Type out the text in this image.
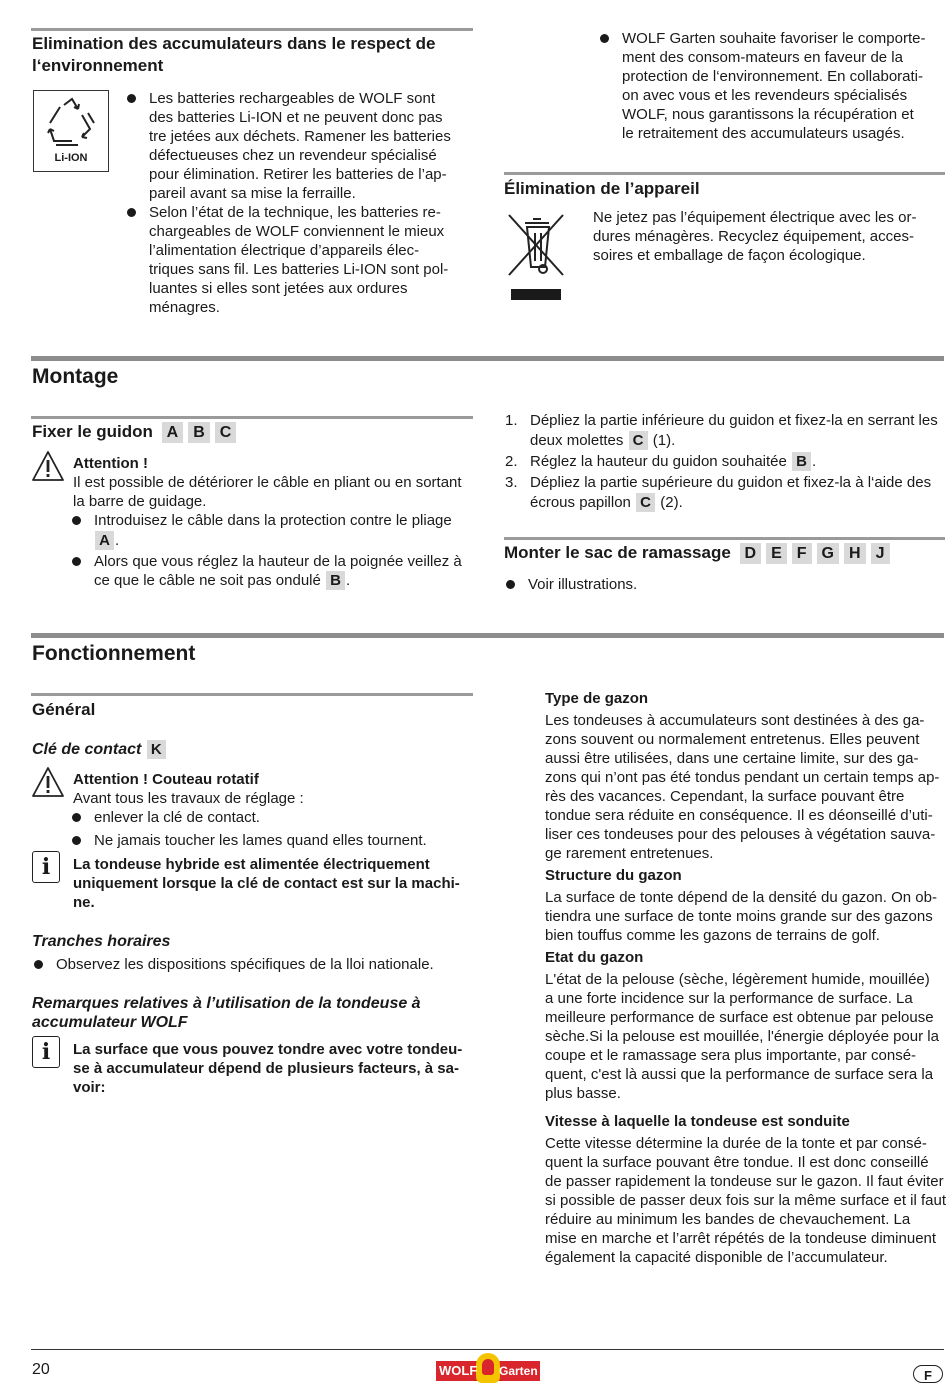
Elimination des accumulateurs dans le respect de
l‘environnement
Li-ION
Les batteries rechargeables de WOLF sont
des batteries Li-ION et ne peuvent donc pas
tre jetées aux déchets. Ramener les batteries
défectueuses chez un revendeur spécialisé
pour élimination. Retirer les batteries de l’ap-
pareil avant sa mise la ferraille.
Selon l’état de la technique, les batteries re-
chargeables de WOLF conviennent le mieux
l’alimentation électrique d’appareils élec-
triques sans fil. Les batteries Li-ION sont pol-
luantes si elles sont jetées aux ordures
ménagres.
WOLF Garten souhaite favoriser le comporte-
ment des consom-mateurs en faveur de la
protection de l‘environnement. En collaborati-
on avec vous et les revendeurs spécialisés
WOLF, nous garantissons la récupération et
le retraitement des accumulateurs usagés.
Élimination de l’appareil
Ne jetez pas l’équipement électrique avec les or-
dures ménagères. Recyclez équipement, acces-
soires et emballage de façon écologique.
Montage
Fixer le guidon A B C
Attention !
Il est possible de détériorer le câble en pliant ou en sortant
la barre de guidage.
Introduisez le câble dans la protection contre le pliage
A .
Alors que vous réglez la hauteur de la poignée veillez à
ce que le câble ne soit pas ondulé B .
1. Dépliez la partie inférieure du guidon et fixez-la en serrant les
deux molettes C (1).
2. Réglez la hauteur du guidon souhaitée B .
3. Dépliez la partie supérieure du guidon et fixez-la à l‘aide des
écrous papillon C (2).
Monter le sac de ramassage D E F G H J
Voir illustrations.
Fonctionnement
Général
Clé de contact K
Attention ! Couteau rotatif
Avant tous les travaux de réglage :
enlever la clé de contact.
Ne jamais toucher les lames quand elles tournent.
i	La tondeuse hybride est alimentée électriquement
uniquement lorsque la clé de contact est sur la machi-
ne.
Tranches horaires
Observez les dispositions spécifiques de la lloi nationale.
Remarques relatives à l’utilisation de la tondeuse à
accumulateur WOLF
i	La surface que vous pouvez tondre avec votre tondeu-
se à accumulateur dépend de plusieurs facteurs, à sa-
voir:
Type de gazon
Les tondeuses à accumulateurs sont destinées à des ga-
zons souvent ou normalement entretenus. Elles peuvent
aussi être utilisées, dans une certaine limite, sur des ga-
zons qui n’ont pas été tondus pendant un certain temps ap-
rès des vacances. Cependant, la surface pouvant être
tondue sera réduite en conséquence. Il es déonseillé d’uti-
liser ces tondeuses pour des pelouses à végétation sauva-
ge rarement entretenues.
Structure du gazon
La surface de tonte dépend de la densité du gazon. On ob-
tiendra une surface de tonte moins grande sur des gazons
bien touffus comme les gazons de terrains de golf.
Etat du gazon
L'état de la pelouse (sèche, légèrement humide, mouillée)
a une forte incidence sur la performance de surface. La
meilleure performance de surface est obtenue par pelouse
sèche.Si la pelouse est mouillée, l'énergie déployée pour la
coupe et le ramassage sera plus importante, par consé-
quent, c'est là aussi que la performance de surface sera la
plus basse.
Vitesse à laquelle la tondeuse est sonduite
Cette vitesse détermine la durée de la tonte et par consé-
quent la surface pouvant être tondue. Il est donc conseillé
de passer rapidement la tondeuse sur le gazon. Il faut éviter
si possible de passer deux fois sur la même surface et il faut
réduire au minimum les bandes de chevauchement. La
mise en marche et l’arrêt répétés de la tondeuse diminuent
également la capacité disponible de l’accumulateur.
20	WOLF Garten	F
